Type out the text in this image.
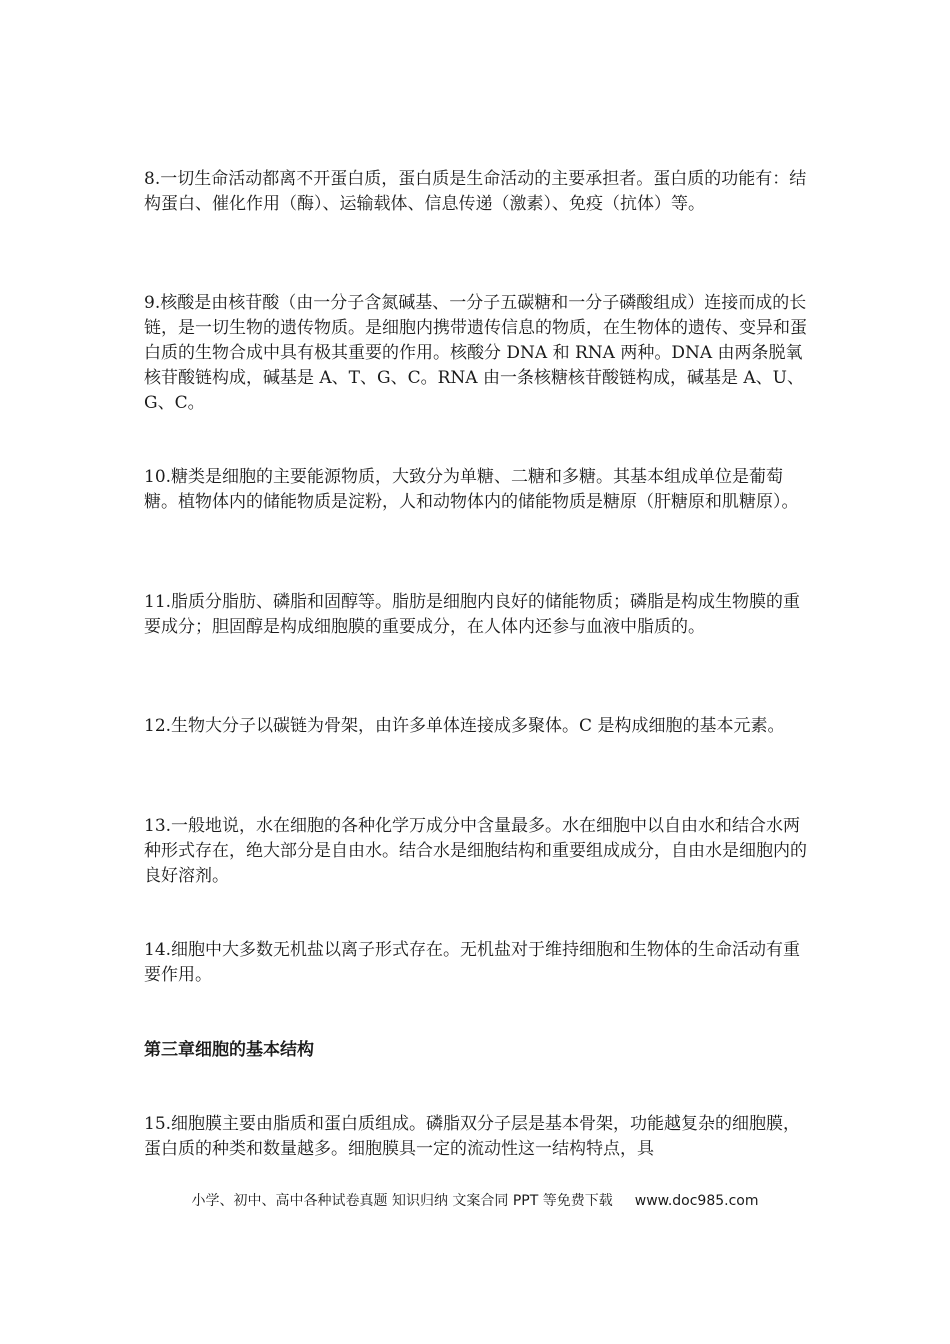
8.一切生命活动都离不开蛋白质，蛋白质是生命活动的主要承担者。蛋白质的功能有：结构蛋白、催化作用（酶）、运输载体、信息传递（激素）、免疫（抗体）等。

9.核酸是由核苷酸（由一分子含氮碱基、一分子五碳糖和一分子磷酸组成）连接而成的长链，是一切生物的遗传物质。是细胞内携带遗传信息的物质，在生物体的遗传、变异和蛋白质的生物合成中具有极其重要的作用。核酸分 DNA 和 RNA 两种。DNA 由两条脱氧核苷酸链构成，碱基是 A、T、G、C。RNA 由一条核糖核苷酸链构成，碱基是 A、U、G、C。

10.糖类是细胞的主要能源物质，大致分为单糖、二糖和多糖。其基本组成单位是葡萄糖。植物体内的储能物质是淀粉，人和动物体内的储能物质是糖原（肝糖原和肌糖原）。

11.脂质分脂肪、磷脂和固醇等。脂肪是细胞内良好的储能物质；磷脂是构成生物膜的重要成分；胆固醇是构成细胞膜的重要成分，在人体内还参与血液中脂质的。

12.生物大分子以碳链为骨架，由许多单体连接成多聚体。C 是构成细胞的基本元素。

13.一般地说，水在细胞的各种化学万成分中含量最多。水在细胞中以自由水和结合水两种形式存在，绝大部分是自由水。结合水是细胞结构和重要组成成分，自由水是细胞内的良好溶剂。

14.细胞中大多数无机盐以离子形式存在。无机盐对于维持细胞和生物体的生命活动有重要作用。

第三章细胞的基本结构

15.细胞膜主要由脂质和蛋白质组成。磷脂双分子层是基本骨架，功能越复杂的细胞膜，蛋白质的种类和数量越多。细胞膜具一定的流动性这一结构特点，具

小学、初中、高中各种试卷真题 知识归纳 文案合同 PPT 等免费下载 www.doc985.com
